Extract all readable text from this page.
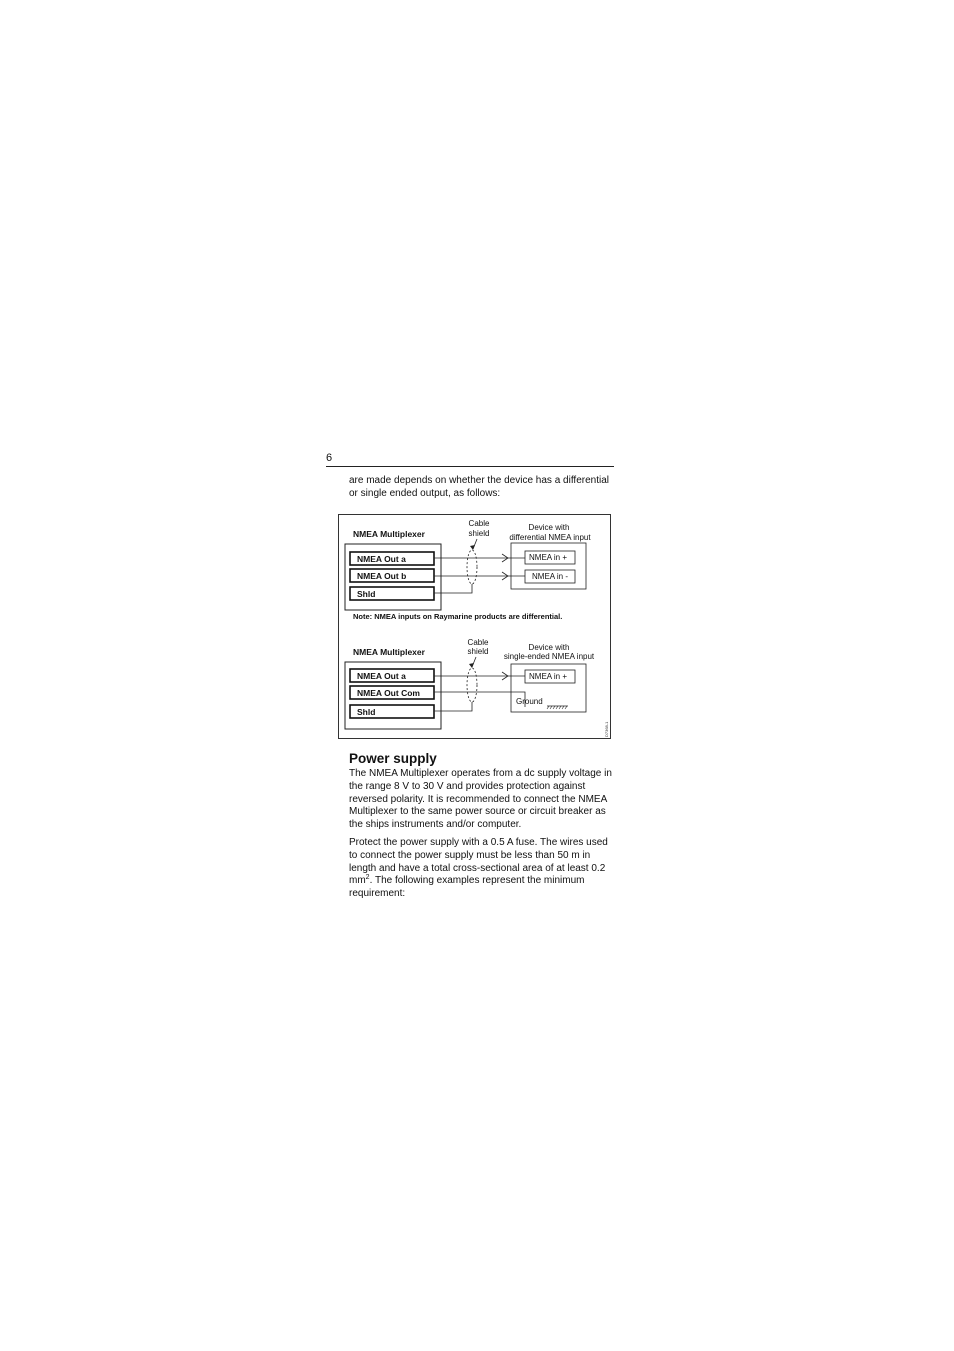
6
are made depends on whether the device has a differential or single ended output, as follows:
NMEA Multiplexer
NMEA Out a
NMEA Out b
Shld
Cable
shield
Device with
differential NMEA input
NMEA in +
NMEA in -
Note: NMEA inputs on Raymarine products are differential.
NMEA Multiplexer
NMEA Out a
NMEA Out Com
Shld
Cable
shield	Device with
single-ended NMEA input
NMEA in +
Ground
D7368-1
Power supply
The NMEA Multiplexer operates from a dc supply voltage in the range 8 V to 30 V and provides protection against reversed polarity. It is recommended to connect the NMEA Multiplexer to the same power source or circuit breaker as the ships instruments and/or computer.
Protect the power supply with a 0.5 A fuse. The wires used to connect the power supply must be less than 50 m in length and have a total cross-sectional area of at least 0.2 $mm^2$. The following examples represent the minimum requirement:
